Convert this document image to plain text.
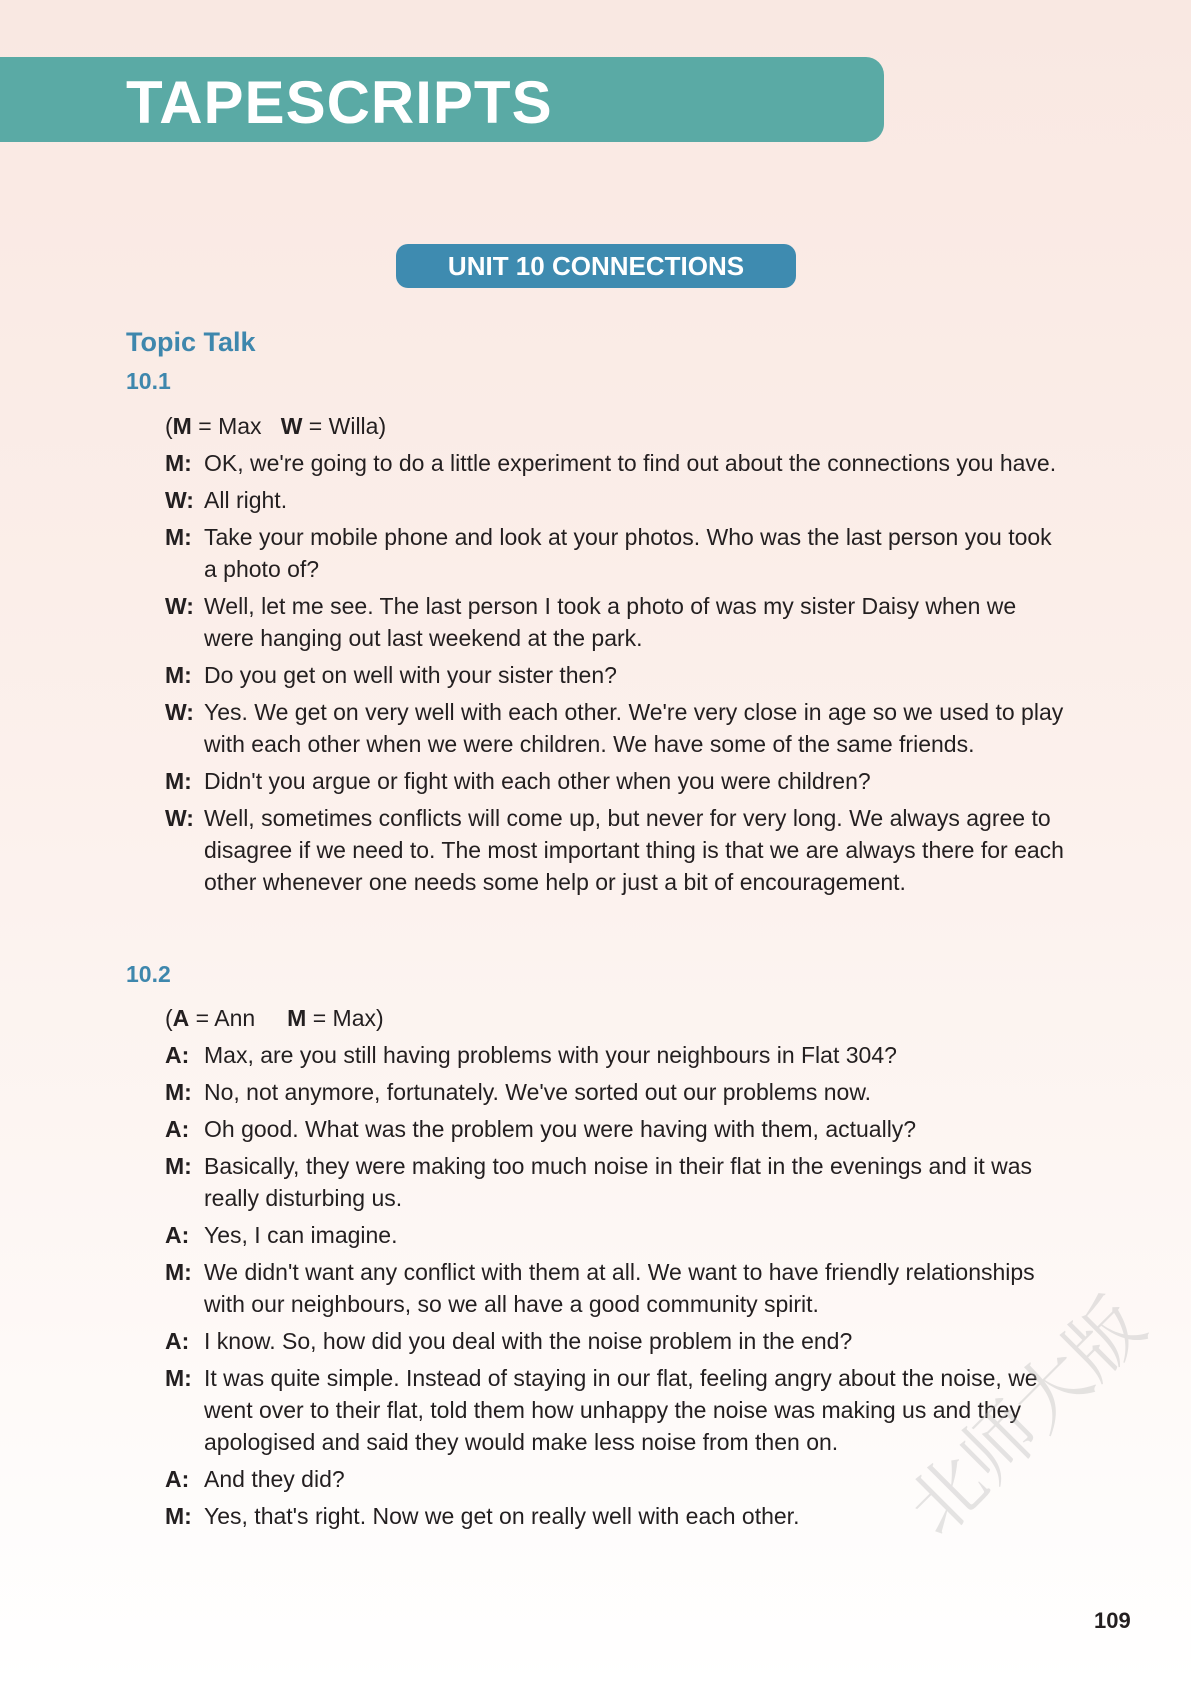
TAPESCRIPTS
UNIT 10 CONNECTIONS
Topic Talk
10.1
(M = Max W = Willa)
M: OK, we're going to do a little experiment to find out about the connections you have.
W: All right.
M: Take your mobile phone and look at your photos. Who was the last person you took a photo of?
W: Well, let me see. The last person I took a photo of was my sister Daisy when we were hanging out last weekend at the park.
M: Do you get on well with your sister then?
W: Yes. We get on very well with each other. We're very close in age so we used to play with each other when we were children. We have some of the same friends.
M: Didn't you argue or fight with each other when you were children?
W: Well, sometimes conflicts will come up, but never for very long. We always agree to disagree if we need to. The most important thing is that we are always there for each other whenever one needs some help or just a bit of encouragement.
10.2
(A = Ann M = Max)
A: Max, are you still having problems with your neighbours in Flat 304?
M: No, not anymore, fortunately. We've sorted out our problems now.
A: Oh good. What was the problem you were having with them, actually?
M: Basically, they were making too much noise in their flat in the evenings and it was really disturbing us.
A: Yes, I can imagine.
M: We didn't want any conflict with them at all. We want to have friendly relationships with our neighbours, so we all have a good community spirit.
A: I know. So, how did you deal with the noise problem in the end?
M: It was quite simple. Instead of staying in our flat, feeling angry about the noise, we went over to their flat, told them how unhappy the noise was making us and they apologised and said they would make less noise from then on.
A: And they did?
M: Yes, that's right. Now we get on really well with each other.	北师大版
109
